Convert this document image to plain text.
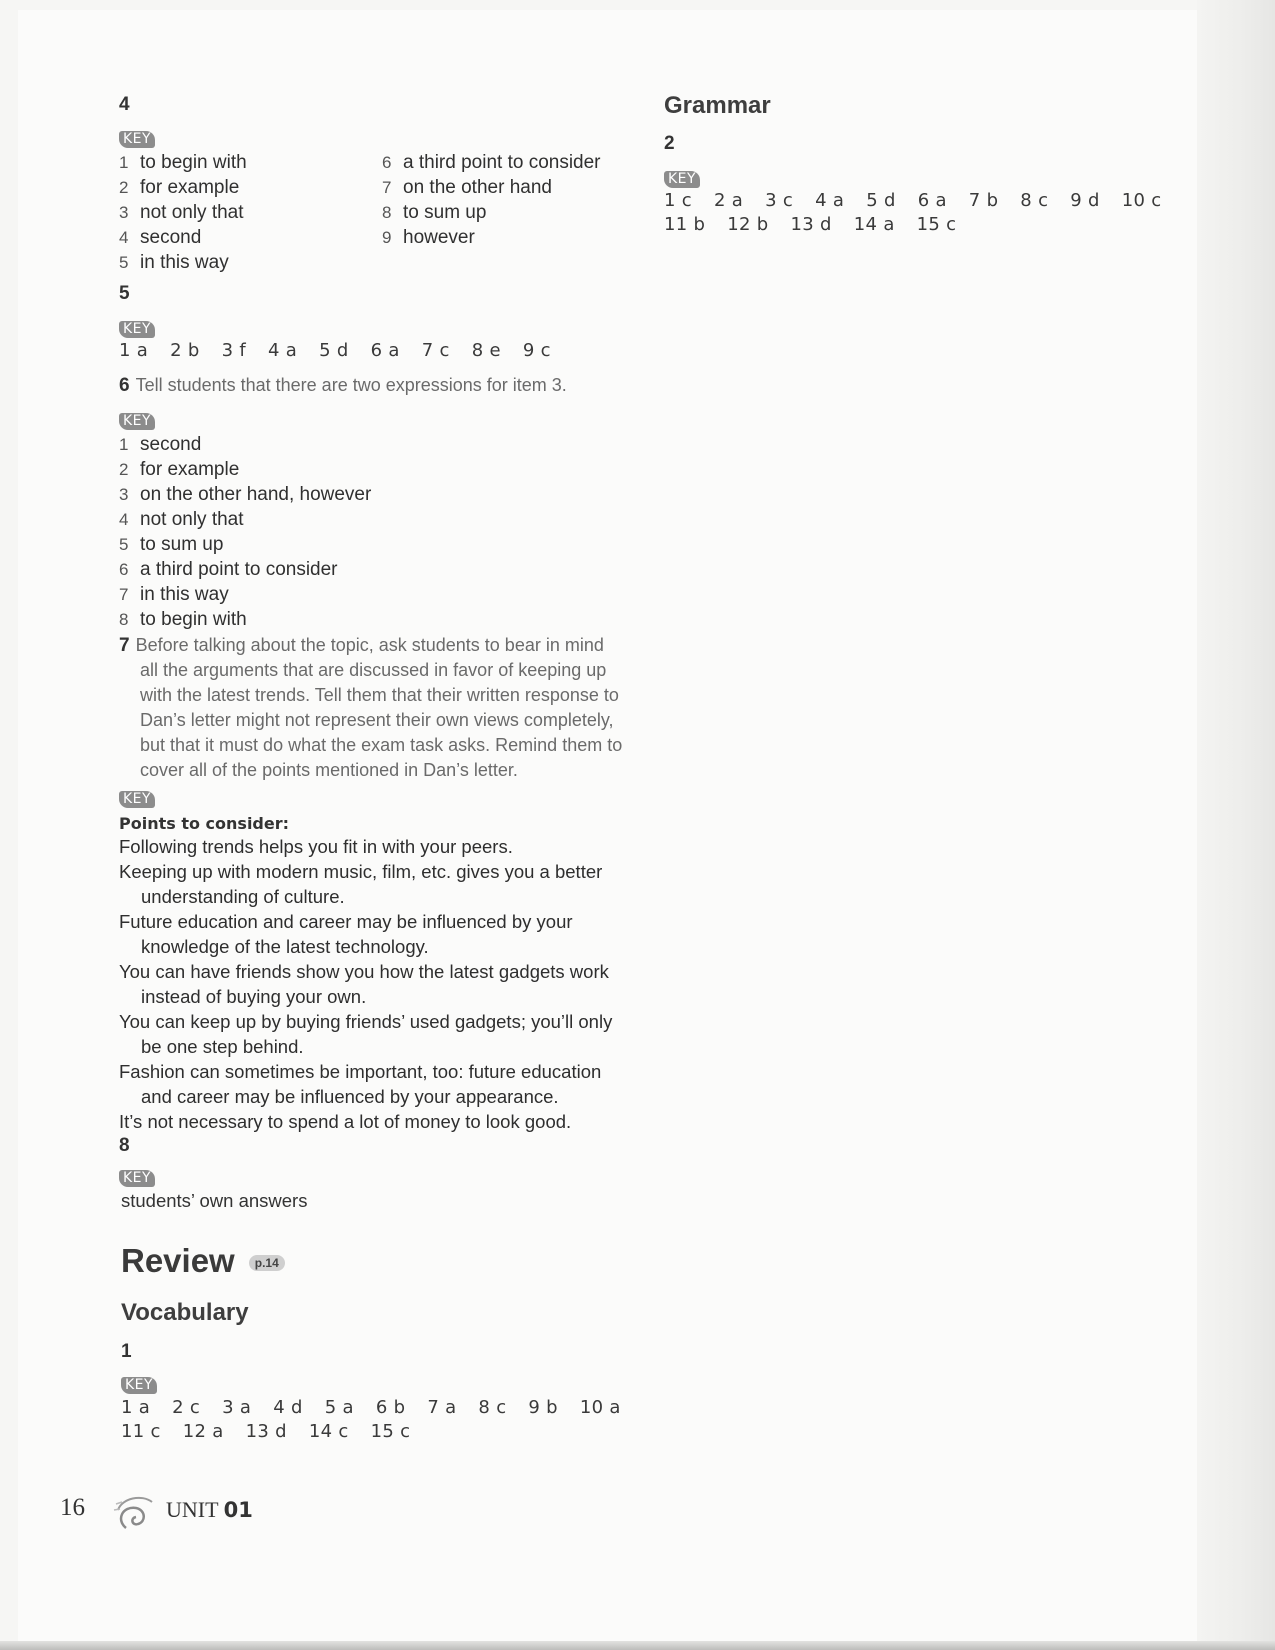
4
KEY
1 to begin with
2 for example
3 not only that
4 second
5 in this way
6 a third point to consider
7 on the other hand
8 to sum up
9 however
5
KEY
1 a 2 b 3 f 4 a 5 d 6 a 7 c 8 e 9 c
6 Tell students that there are two expressions for item 3.
KEY
1 second
2 for example
3 on the other hand, however
4 not only that
5 to sum up
6 a third point to consider
7 in this way
8 to begin with
7 Before talking about the topic, ask students to bear in mind
all the arguments that are discussed in favor of keeping up
with the latest trends. Tell them that their written response to
Dan’s letter might not represent their own views completely,
but that it must do what the exam task asks. Remind them to
cover all of the points mentioned in Dan’s letter.
KEY
Points to consider:
Following trends helps you fit in with your peers.
Keeping up with modern music, film, etc. gives you a better understanding of culture.
Future education and career may be influenced by your knowledge of the latest technology.
You can have friends show you how the latest gadgets work instead of buying your own.
You can keep up by buying friends’ used gadgets; you’ll only be one step behind.
Fashion can sometimes be important, too: future education and career may be influenced by your appearance.
It’s not necessary to spend a lot of money to look good.
8
KEY
students’ own answers
Review p.14
Vocabulary
1
KEY
1 a 2 c 3 a 4 d 5 a 6 b 7 a 8 c 9 b 10 a
11 c 12 a 13 d 14 c 15 c
Grammar
2
KEY
1 c 2 a 3 c 4 a 5 d 6 a 7 b 8 c 9 d 10 c
11 b 12 b 13 d 14 a 15 c
16	UNIT 01
